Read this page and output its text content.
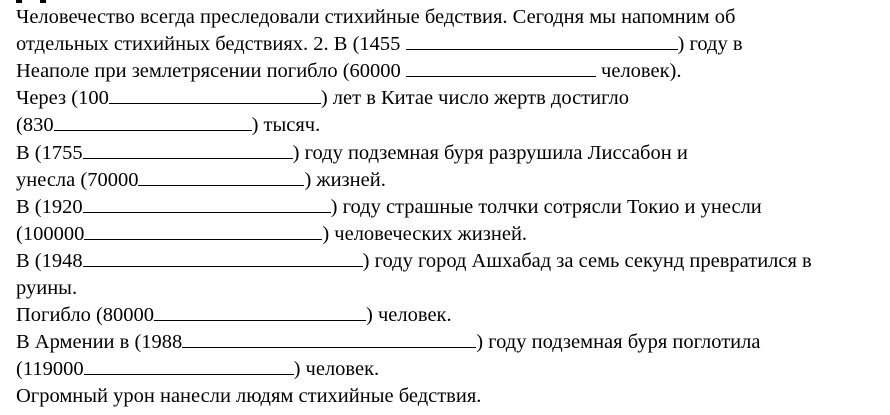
Человечество всегда преследовали стихийные бедствия. Сегодня мы напомним об
отдельных стихийных бедствиях. 2. В (1455	) году в
Неаполе при землетрясении погибло (60000	человек).
Через (100	) лет в Китае число жертв достигло
(830	) тысяч.
В (1755	) году подземная буря разрушила Лиссабон и
унесла (70000	) жизней.
В (1920	) году страшные толчки сотрясли Токио и унесли
(100000	) человеческих жизней.
В (1948	) году город Ашхабад за семь секунд превратился в
руины.
Погибло (80000	) человек.
В Армении в (1988	) году подземная буря поглотила
(119000	) человек.
Огромный урон нанесли людям стихийные бедствия.
